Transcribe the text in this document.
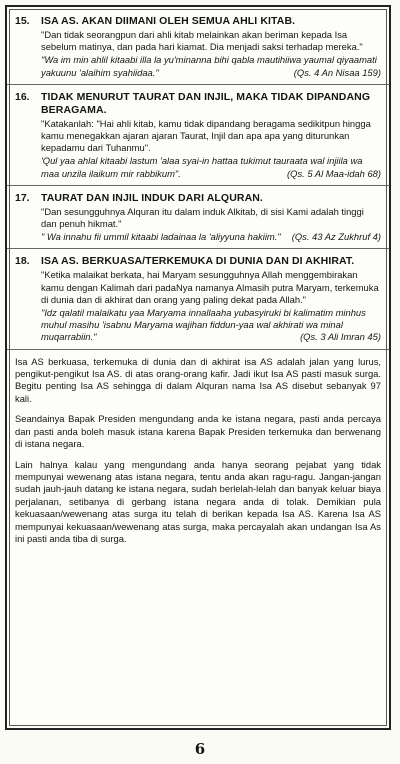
15.	ISA AS. AKAN DIIMANI OLEH SEMUA AHLI KITAB.
"Dan tidak seorangpun dari ahli kitab melainkan akan beriman kepada Isa sebelum matinya, dan pada hari kiamat. Dia menjadi saksi terhadap mereka."
"Wa im min ahlil kitaabi illa la yu'minanna bihi qabla mautihiiwa yaumal qiyaamati yakuunu 'alaihim syahiidaa."	(Qs. 4 An Nisaa 159)
16.	TIDAK MENURUT TAURAT DAN INJIL, MAKA TIDAK DIPANDANG BERAGAMA.
"Katakanlah: "Hai ahli kitab, kamu tidak dipandang beragama sedikitpun hingga kamu menegakkan ajaran ajaran Taurat, Injil dan apa apa yang diturunkan kepadamu dari Tuhanmu".
'Qul yaa ahlal kitaabi lastum 'alaa syai-in hattaa tukimut tauraata wal injiila wa maa unzila ilaikum mir rabbikum".	(Qs. 5 Al Maa-idah 68)
17.	TAURAT DAN INJIL INDUK DARI ALQURAN.
"Dan sesungguhnya Alquran itu dalam induk Alkitab, di sisi Kami adalah tinggi dan penuh hikmat."
" Wa innahu fii ummil kitaabi ladainaa la 'aliyyuna hakiim." (Qs. 43 Az Zukhruf 4)
18.	ISA AS. BERKUASA/TERKEMUKA DI DUNIA DAN DI AKHIRAT.
"Ketika malaikat berkata, hai Maryam sesungguhnya Allah menggembirakan kamu dengan Kalimah dari padaNya namanya Almasih putra Maryam, terkemuka di dunia dan di akhirat dan orang yang paling dekat pada Allah."
"Idz qalatil malaikatu yaa Maryama innallaaha yubasyiruki bi kalimatim minhus muhul masihu 'isabnu Maryama wajihan fiddun-yaa wal akhirati wa minal muqarrabiin."	(Qs. 3 Ali Imran 45)

Isa AS berkuasa, terkemuka di dunia dan di akhirat isa AS adalah jalan yang lurus, pengikut-pengikut Isa AS. di atas orang-orang kafir. Jadi ikut Isa AS pasti masuk surga. Begitu penting Isa AS sehingga di dalam Alquran nama Isa AS disebut sebanyak 97 kali.

Seandainya Bapak Presiden mengundang anda ke istana negara, pasti anda percaya dan pasti anda boleh masuk istana karena Bapak Presiden terkemuka dan berwenang di istana negara.

Lain halnya kalau yang mengundang anda hanya seorang pejabat yang tidak mempunyai wewenang atas istana negara, tentu anda akan ragu-ragu. Jangan-jangan sudah jauh-jauh datang ke istana negara, sudah berlelah-lelah dan banyak keluar biaya perjalanan, setibanya di gerbang istana negara anda di tolak. Demikian pula kekuasaan/wewenang atas surga itu telah di berikan kepada Isa AS. Karena Isa AS mempunyai kekuasaan/wewenang atas surga, maka percayalah akan undangan Isa As ini pasti anda tiba di surga.

6
